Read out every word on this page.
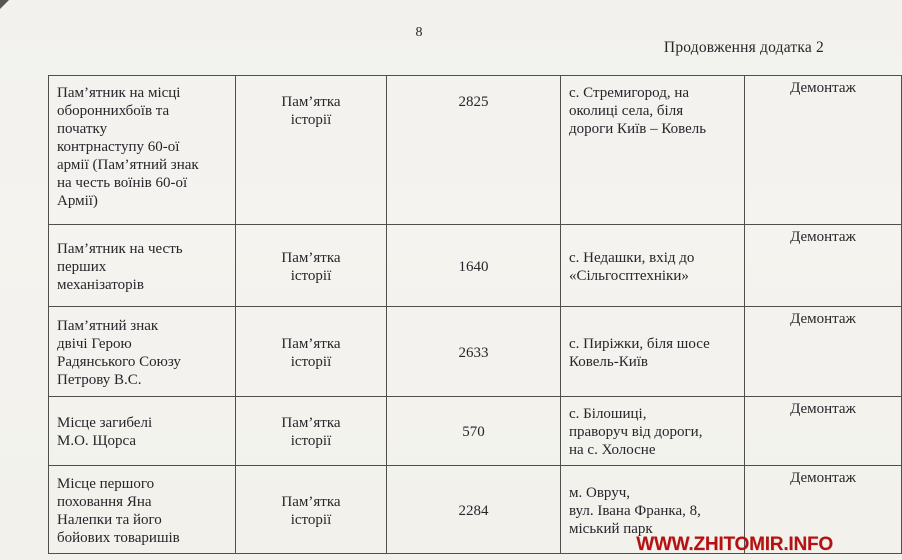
8
Продовження додатка 2
Пам’ятник на місці
обороннихбоїв та
початку
контрнаступу 60-ої
армії (Пам’ятний знак
на честь воїнів 60-ої
Армії)	Пам’ятка
історії	2825	с. Стремигород, на
околиці села, біля
дороги Київ – Ковель	Демонтаж
Пам’ятник на честь
перших
механізаторів	Пам’ятка
історії	1640	с. Недашки, вхід до
«Сільгосптехніки»	Демонтаж
Пам’ятний знак
двічі Герою
Радянського Союзу
Петрову В.С.	Пам’ятка
історії	2633	с. Пиріжки, біля шосе
Ковель-Київ	Демонтаж
Місце загибелі
М.О. Щорса	Пам’ятка
історії	570	с. Білошиці,
праворуч від дороги,
на с. Холосне	Демонтаж
Місце першого
поховання Яна
Налепки та його
бойових товаришів	Пам’ятка
історії	2284	м. Овруч,
вул. Івана Франка, 8,
міський парк	Демонтаж
WWW.ZHITOMIR.INFO
